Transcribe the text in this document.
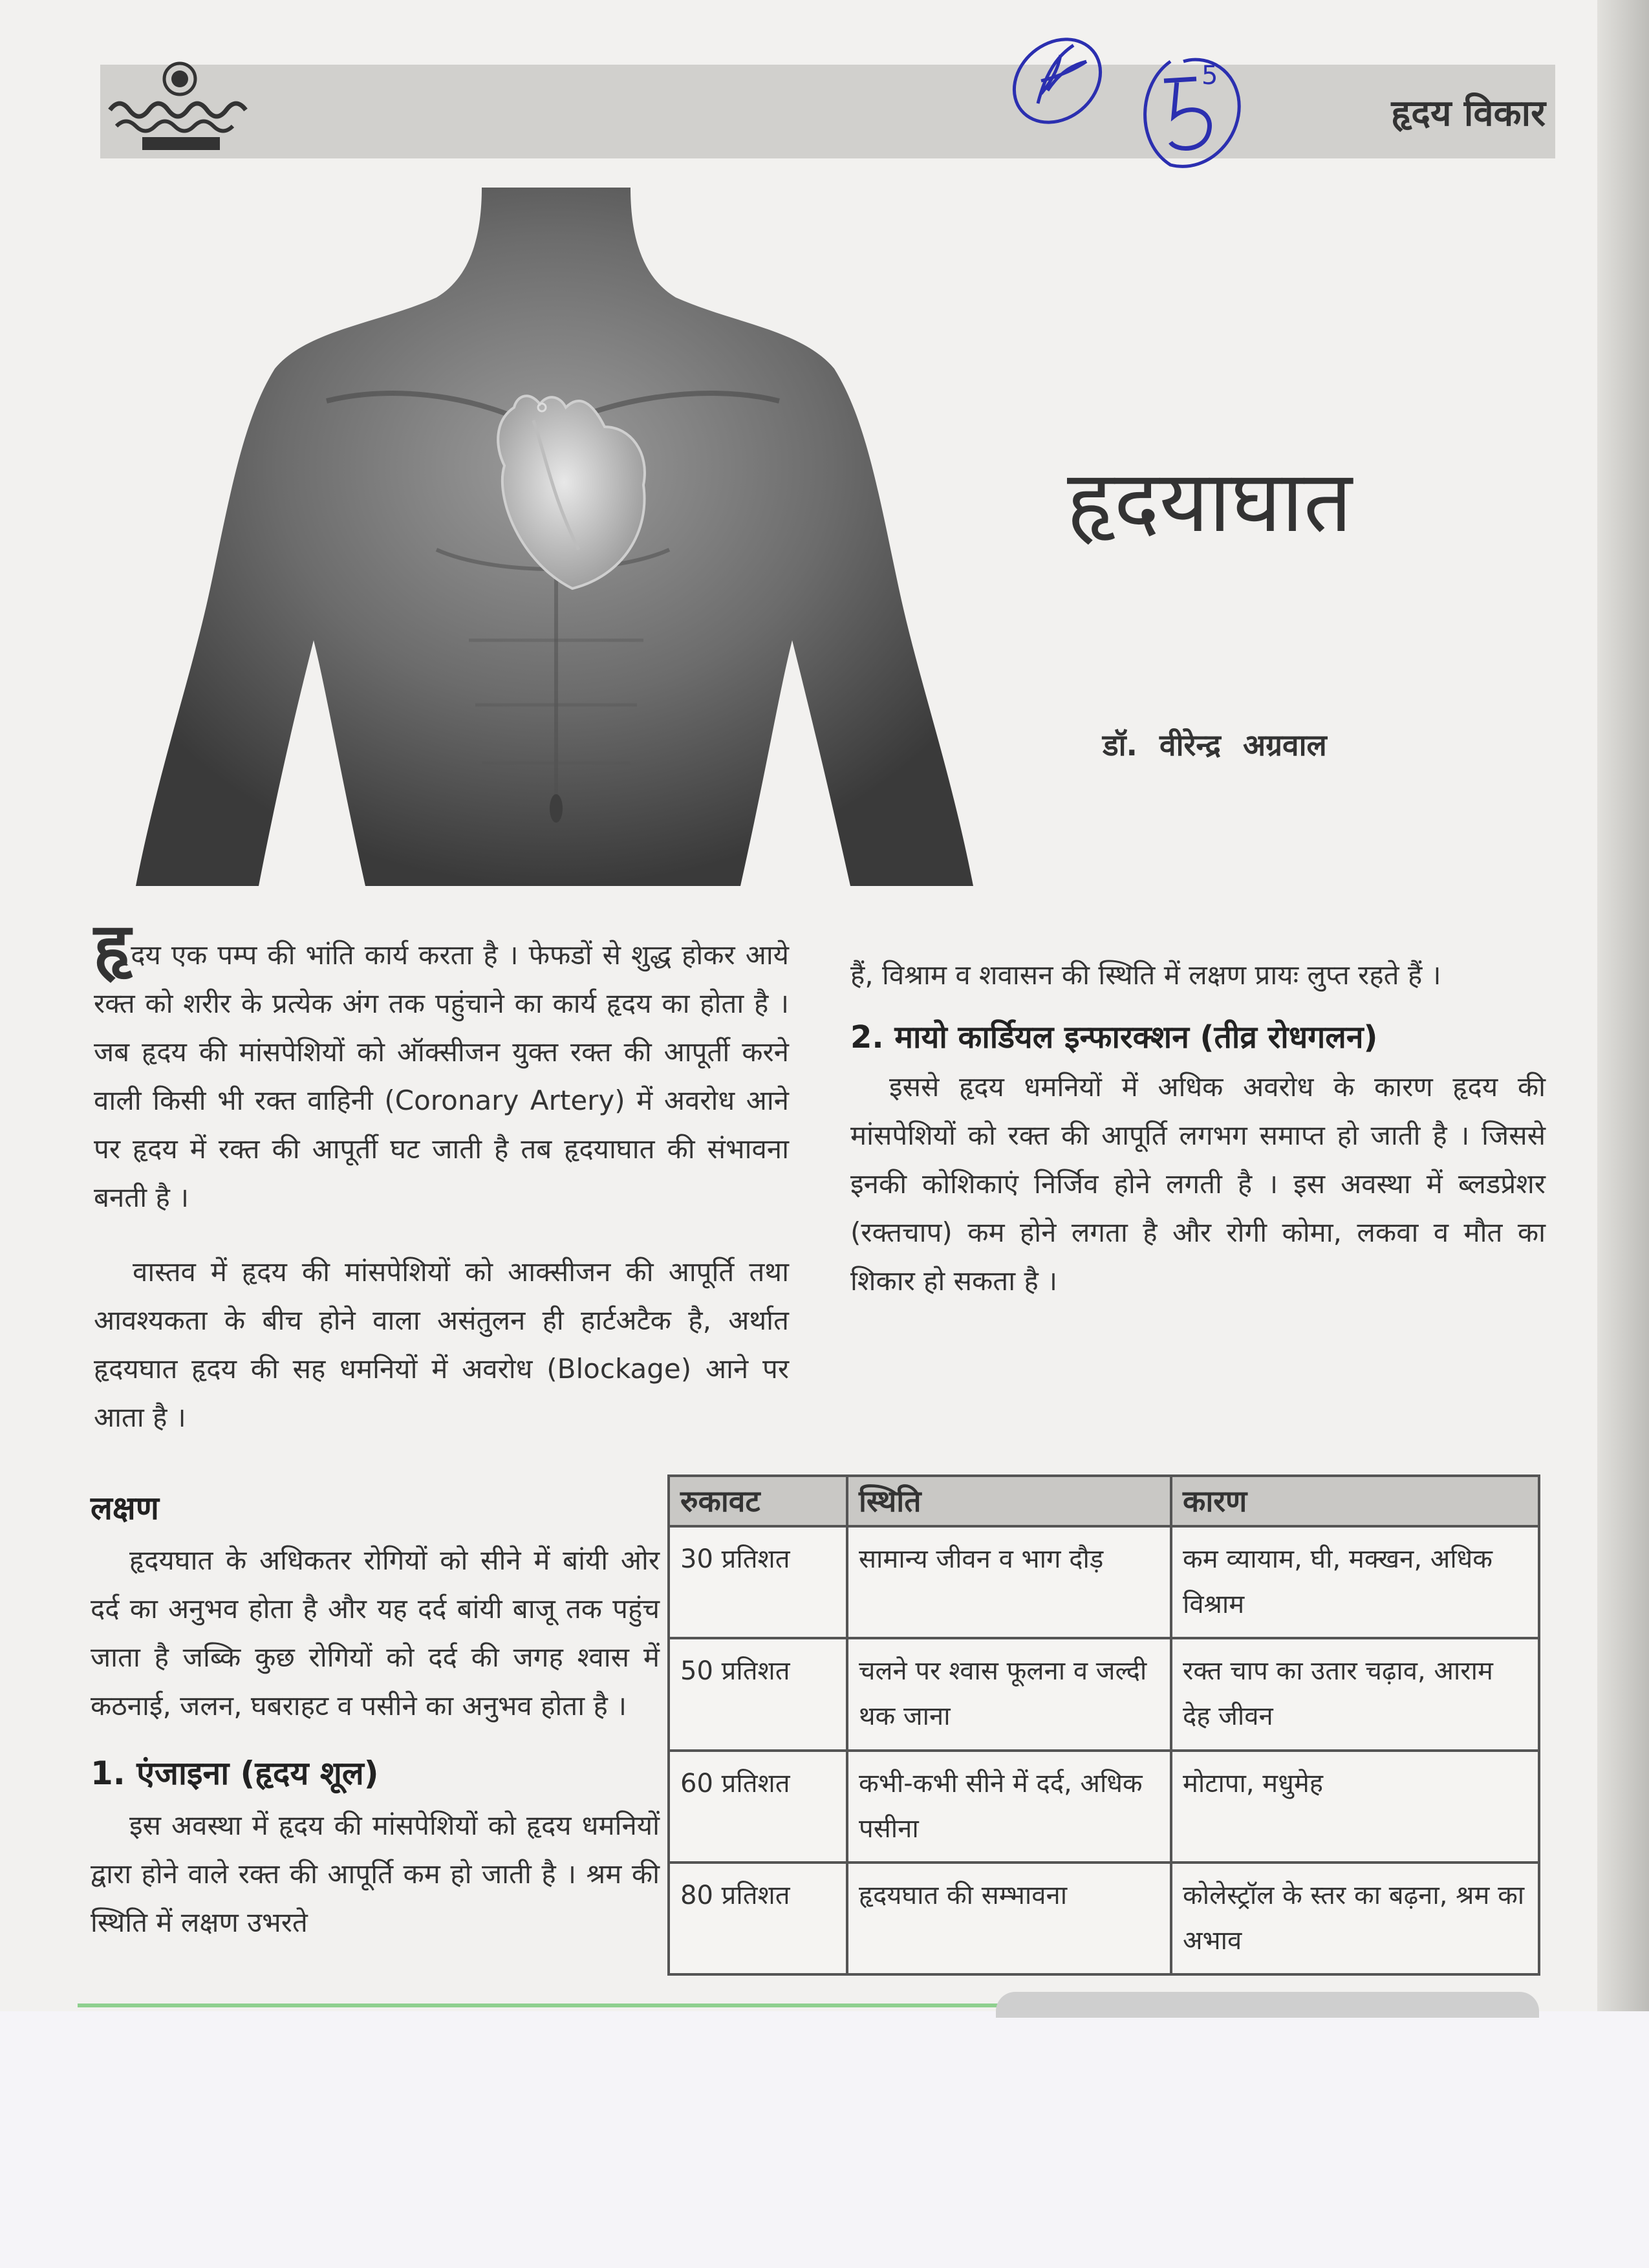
हृदय विकार
5
हृदयाघात
डॉ. वीरेन्द्र अग्रवाल

हृदय एक पम्प की भांति कार्य करता है । फेफडों से शुद्ध होकर आये रक्त को शरीर के प्रत्येक अंग तक पहुंचाने का कार्य हृदय का होता है । जब हृदय की मांसपेशियों को ऑक्सीजन युक्त रक्त की आपूर्ती करने वाली किसी भी रक्त वाहिनी (Coronary Artery) में अवरोध आने पर हृदय में रक्त की आपूर्ती घट जाती है तब हृदयाघात की संभावना बनती है ।

वास्तव में हृदय की मांसपेशियों को आक्सीजन की आपूर्ति तथा आवश्यकता के बीच होने वाला असंतुलन ही हार्टअटैक है, अर्थात हृदयघात हृदय की सह धमनियों में अवरोध (Blockage) आने पर आता है ।

हैं, विश्राम व शवासन की स्थिति में लक्षण प्रायः लुप्त रहते हैं ।

2. मायो कार्डियल इन्फारक्शन (तीव्र रोधगलन)

इससे हृदय धमनियों में अधिक अवरोध के कारण हृदय की मांसपेशियों को रक्त की आपूर्ति लगभग समाप्त हो जाती है । जिससे इनकी कोशिकाएं निर्जिव होने लगती है । इस अवस्था में ब्लडप्रेशर (रक्तचाप) कम होने लगता है और रोगी कोमा, लकवा व मौत का शिकार हो सकता है ।

लक्षण

हृदयघात के अधिकतर रोगियों को सीने में बांयी ओर दर्द का अनुभव होता है और यह दर्द बांयी बाजू तक पहुंच जाता है जब्कि कुछ रोगियों को दर्द की जगह श्वास में कठनाई, जलन, घबराहट व पसीने का अनुभव होता है ।

1. एंजाइना (हृदय शूल)

इस अवस्था में हृदय की मांसपेशियों को हृदय धमनियों द्वारा होने वाले रक्त की आपूर्ति कम हो जाती है । श्रम की स्थिति में लक्षण उभरते

रुकावट	स्थिति	कारण
30 प्रतिशत	सामान्य जीवन व भाग दौड़	कम व्यायाम, घी, मक्खन, अधिक विश्राम
50 प्रतिशत	चलने पर श्वास फूलना व जल्दी थक जाना	रक्त चाप का उतार चढ़ाव, आराम देह जीवन
60 प्रतिशत	कभी-कभी सीने में दर्द, अधिक पसीना	मोटापा, मधुमेह
80 प्रतिशत	हृदयघात की सम्भावना	कोलेस्ट्रॉल के स्तर का बढ़ना, श्रम का अभाव
